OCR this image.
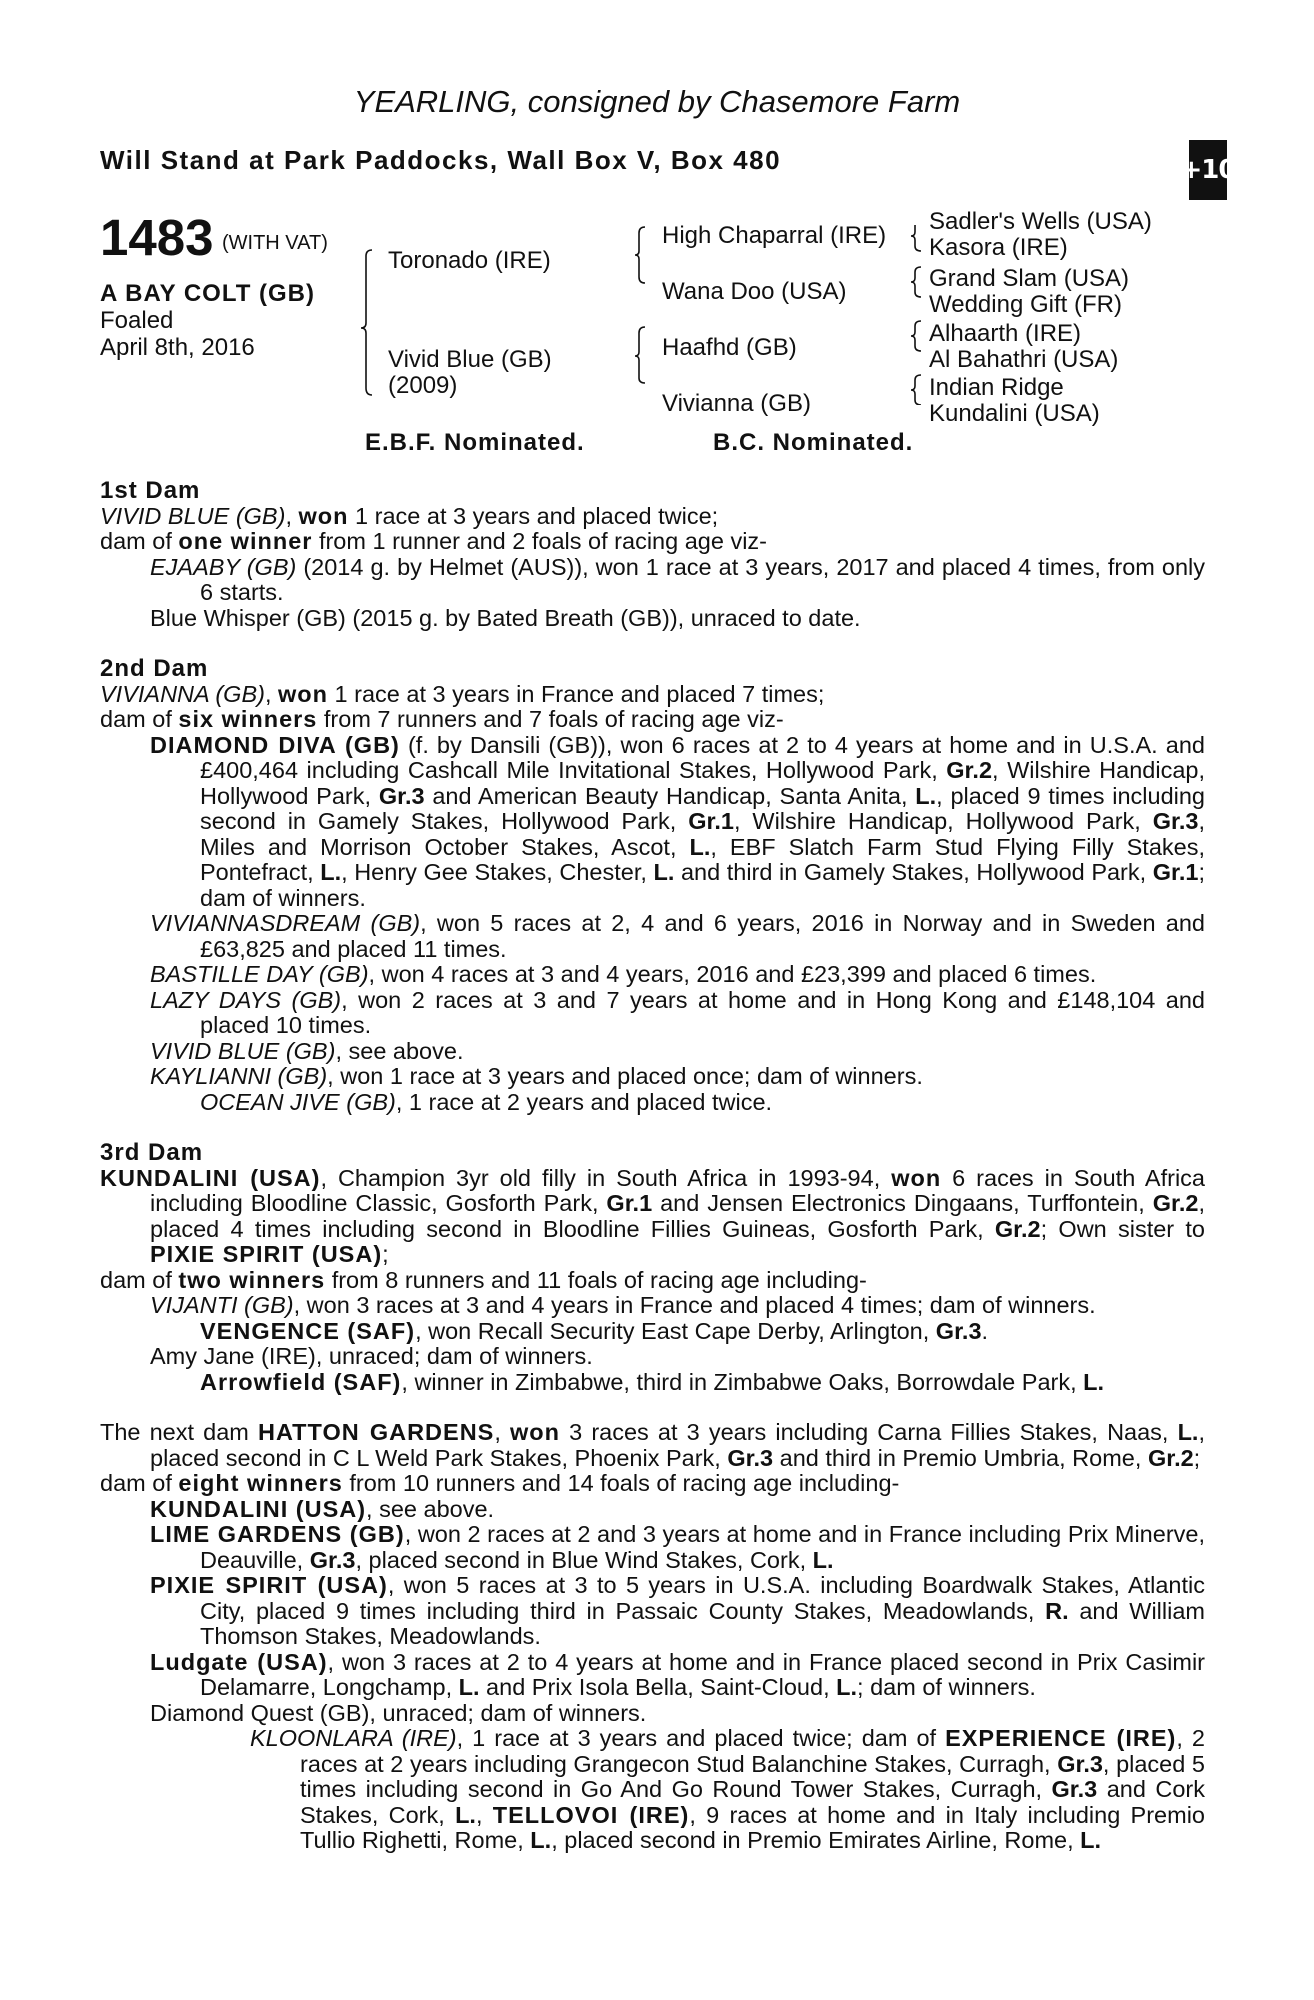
YEARLING, consigned by Chasemore Farm
Will Stand at Park Paddocks, Wall Box V, Box 480	+10
1483 (WITH VAT)
A BAY COLT (GB)
Foaled
April 8th, 2016
Toronado (IRE)
Vivid Blue (GB)
(2009)
High Chaparral (IRE)
Wana Doo (USA)
Haafhd (GB)
Vivianna (GB)
Sadler's Wells (USA)
Kasora (IRE)
Grand Slam (USA)
Wedding Gift (FR)
Alhaarth (IRE)
Al Bahathri (USA)
Indian Ridge
Kundalini (USA)
E.B.F. Nominated.	B.C. Nominated.
1st Dam
VIVID BLUE (GB), won 1 race at 3 years and placed twice;
dam of one winner from 1 runner and 2 foals of racing age viz-
EJAABY (GB) (2014 g. by Helmet (AUS)), won 1 race at 3 years, 2017 and placed 4 times, from only 6 starts.
Blue Whisper (GB) (2015 g. by Bated Breath (GB)), unraced to date.
2nd Dam
VIVIANNA (GB), won 1 race at 3 years in France and placed 7 times;
dam of six winners from 7 runners and 7 foals of racing age viz-
DIAMOND DIVA (GB) (f. by Dansili (GB)), won 6 races at 2 to 4 years at home and in U.S.A. and £400,464 including Cashcall Mile Invitational Stakes, Hollywood Park, Gr.2, Wilshire Handicap, Hollywood Park, Gr.3 and American Beauty Handicap, Santa Anita, L., placed 9 times including second in Gamely Stakes, Hollywood Park, Gr.1, Wilshire Handicap, Hollywood Park, Gr.3, Miles and Morrison October Stakes, Ascot, L., EBF Slatch Farm Stud Flying Filly Stakes, Pontefract, L., Henry Gee Stakes, Chester, L. and third in Gamely Stakes, Hollywood Park, Gr.1; dam of winners.
VIVIANNASDREAM (GB), won 5 races at 2, 4 and 6 years, 2016 in Norway and in Sweden and £63,825 and placed 11 times.
BASTILLE DAY (GB), won 4 races at 3 and 4 years, 2016 and £23,399 and placed 6 times.
LAZY DAYS (GB), won 2 races at 3 and 7 years at home and in Hong Kong and £148,104 and placed 10 times.
VIVID BLUE (GB), see above.
KAYLIANNI (GB), won 1 race at 3 years and placed once; dam of winners.
OCEAN JIVE (GB), 1 race at 2 years and placed twice.
3rd Dam
KUNDALINI (USA), Champion 3yr old filly in South Africa in 1993-94, won 6 races in South Africa including Bloodline Classic, Gosforth Park, Gr.1 and Jensen Electronics Dingaans, Turffontein, Gr.2, placed 4 times including second in Bloodline Fillies Guineas, Gosforth Park, Gr.2; Own sister to PIXIE SPIRIT (USA);
dam of two winners from 8 runners and 11 foals of racing age including-
VIJANTI (GB), won 3 races at 3 and 4 years in France and placed 4 times; dam of winners.
VENGENCE (SAF), won Recall Security East Cape Derby, Arlington, Gr.3.
Amy Jane (IRE), unraced; dam of winners.
Arrowfield (SAF), winner in Zimbabwe, third in Zimbabwe Oaks, Borrowdale Park, L.
The next dam HATTON GARDENS, won 3 races at 3 years including Carna Fillies Stakes, Naas, L., placed second in C L Weld Park Stakes, Phoenix Park, Gr.3 and third in Premio Umbria, Rome, Gr.2;
dam of eight winners from 10 runners and 14 foals of racing age including-
KUNDALINI (USA), see above.
LIME GARDENS (GB), won 2 races at 2 and 3 years at home and in France including Prix Minerve, Deauville, Gr.3, placed second in Blue Wind Stakes, Cork, L.
PIXIE SPIRIT (USA), won 5 races at 3 to 5 years in U.S.A. including Boardwalk Stakes, Atlantic City, placed 9 times including third in Passaic County Stakes, Meadowlands, R. and William Thomson Stakes, Meadowlands.
Ludgate (USA), won 3 races at 2 to 4 years at home and in France placed second in Prix Casimir Delamarre, Longchamp, L. and Prix Isola Bella, Saint-Cloud, L.; dam of winners.
Diamond Quest (GB), unraced; dam of winners.
KLOONLARA (IRE), 1 race at 3 years and placed twice; dam of EXPERIENCE (IRE), 2 races at 2 years including Grangecon Stud Balanchine Stakes, Curragh, Gr.3, placed 5 times including second in Go And Go Round Tower Stakes, Curragh, Gr.3 and Cork Stakes, Cork, L., TELLOVOI (IRE), 9 races at home and in Italy including Premio Tullio Righetti, Rome, L., placed second in Premio Emirates Airline, Rome, L.
